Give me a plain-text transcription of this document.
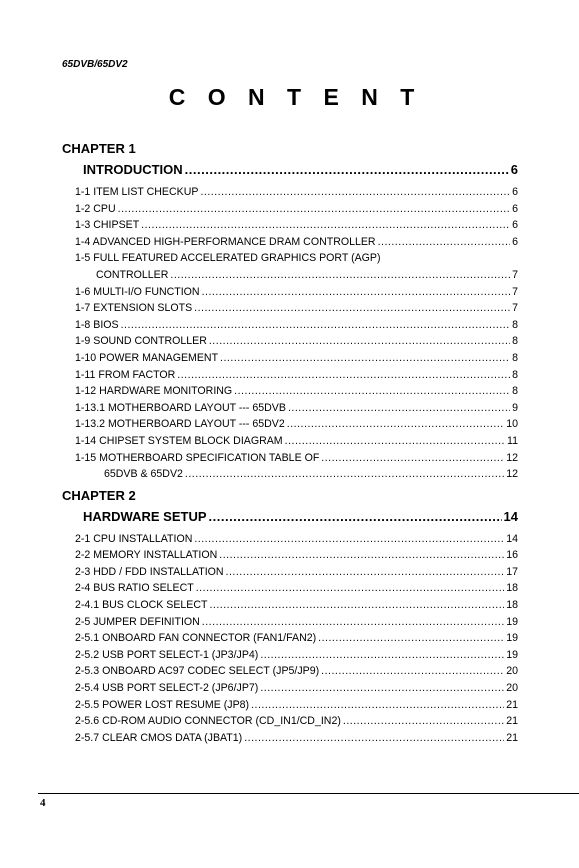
65DVB/65DV2
C O N T E N T
CHAPTER 1
INTRODUCTION .....	6
1-1 ITEM LIST CHECKUP .....	6
1-2 CPU .....	6
1-3 CHIPSET .....	6
1-4 ADVANCED HIGH-PERFORMANCE DRAM CONTROLLER .....	6
1-5 FULL FEATURED ACCELERATED GRAPHICS PORT (AGP)
CONTROLLER .....	7
1-6 MULTI-I/O FUNCTION .....	7
1-7 EXTENSION SLOTS .....	7
1-8 BIOS .....	8
1-9 SOUND CONTROLLER .....	8
1-10 POWER MANAGEMENT .....	8
1-11 FROM FACTOR .....	8
1-12 HARDWARE MONITORING .....	8
1-13.1 MOTHERBOARD LAYOUT --- 65DVB .....	9
1-13.2 MOTHERBOARD LAYOUT --- 65DV2 .....	10
1-14 CHIPSET SYSTEM BLOCK DIAGRAM .....	11
1-15 MOTHERBOARD SPECIFICATION TABLE OF .....	12
65DVB & 65DV2 .....	12
CHAPTER 2
HARDWARE SETUP .....	14
2-1 CPU INSTALLATION .....	14
2-2 MEMORY INSTALLATION .....	16
2-3 HDD / FDD INSTALLATION .....	17
2-4 BUS RATIO SELECT .....	18
2-4.1 BUS CLOCK SELECT .....	18
2-5 JUMPER DEFINITION .....	19
2-5.1 ONBOARD FAN CONNECTOR (FAN1/FAN2) .....	19
2-5.2 USB PORT SELECT-1 (JP3/JP4) .....	19
2-5.3 ONBOARD AC97 CODEC SELECT (JP5/JP9) .....	20
2-5.4 USB PORT SELECT-2 (JP6/JP7) .....	20
2-5.5 POWER LOST RESUME (JP8) .....	21
2-5.6 CD-ROM AUDIO CONNECTOR (CD_IN1/CD_IN2) .....	21
2-5.7 CLEAR CMOS DATA (JBAT1) .....	21
4
